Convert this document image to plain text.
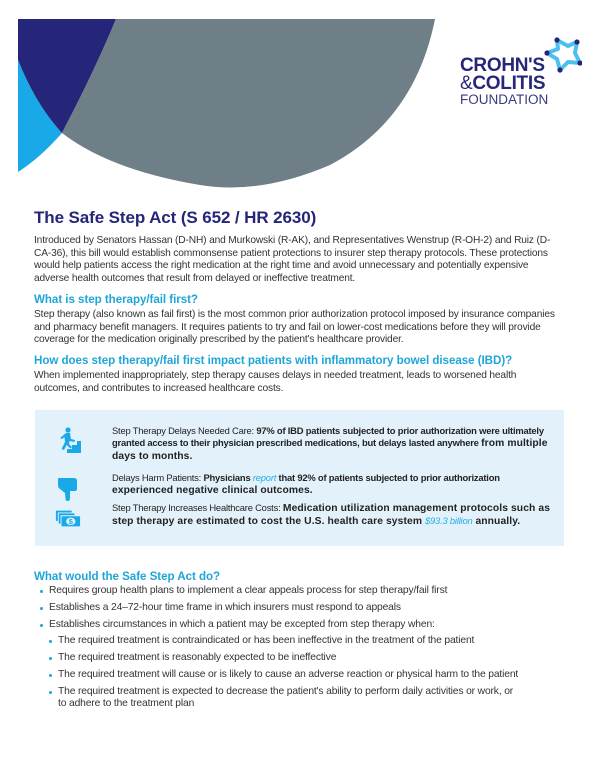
CROHN'S
&COLITIS
FOUNDATION
The Safe Step Act (S 652 / HR 2630)

Introduced by Senators Hassan (D-NH) and Murkowski (R-AK), and Representatives Wenstrup (R-OH-2) and Ruiz (D-CA-36), this bill would establish commonsense patient protections to insurer step therapy protocols. These protections would help patients access the right medication at the right time and avoid unnecessary and potentially expensive adverse health outcomes that result from delayed or ineffective treatment.

What is step therapy/fail first?

Step therapy (also known as fail first) is the most common prior authorization protocol imposed by insurance companies and pharmacy benefit managers. It requires patients to try and fail on lower-cost medications before they will provide coverage for the medication originally prescribed by the patient's healthcare provider.

How does step therapy/fail first impact patients with inflammatory bowel disease (IBD)?

When implemented inappropriately, step therapy causes delays in needed treatment, leads to worsened health outcomes, and contributes to increased healthcare costs.

Step Therapy Delays Needed Care: 97% of IBD patients subjected to prior authorization were ultimately granted access to their physician prescribed medications, but delays lasted anywhere from multiple days to months.
Delays Harm Patients: Physicians report that 92% of patients subjected to prior authorization experienced negative clinical outcomes.
$
Step Therapy Increases Healthcare Costs: Medication utilization management protocols such as step therapy are estimated to cost the U.S. health care system $93.3 billion annually.
What would the Safe Step Act do?
Requires group health plans to implement a clear appeals process for step therapy/fail first
Establishes a 24–72-hour time frame in which insurers must respond to appeals
Establishes circumstances in which a patient may be excepted from step therapy when:
The required treatment is contraindicated or has been ineffective in the treatment of the patient
The required treatment is reasonably expected to be ineffective
The required treatment will cause or is likely to cause an adverse reaction or physical harm to the patient
The required treatment is expected to decrease the patient's ability to perform daily activities or work, or to adhere to the treatment plan
